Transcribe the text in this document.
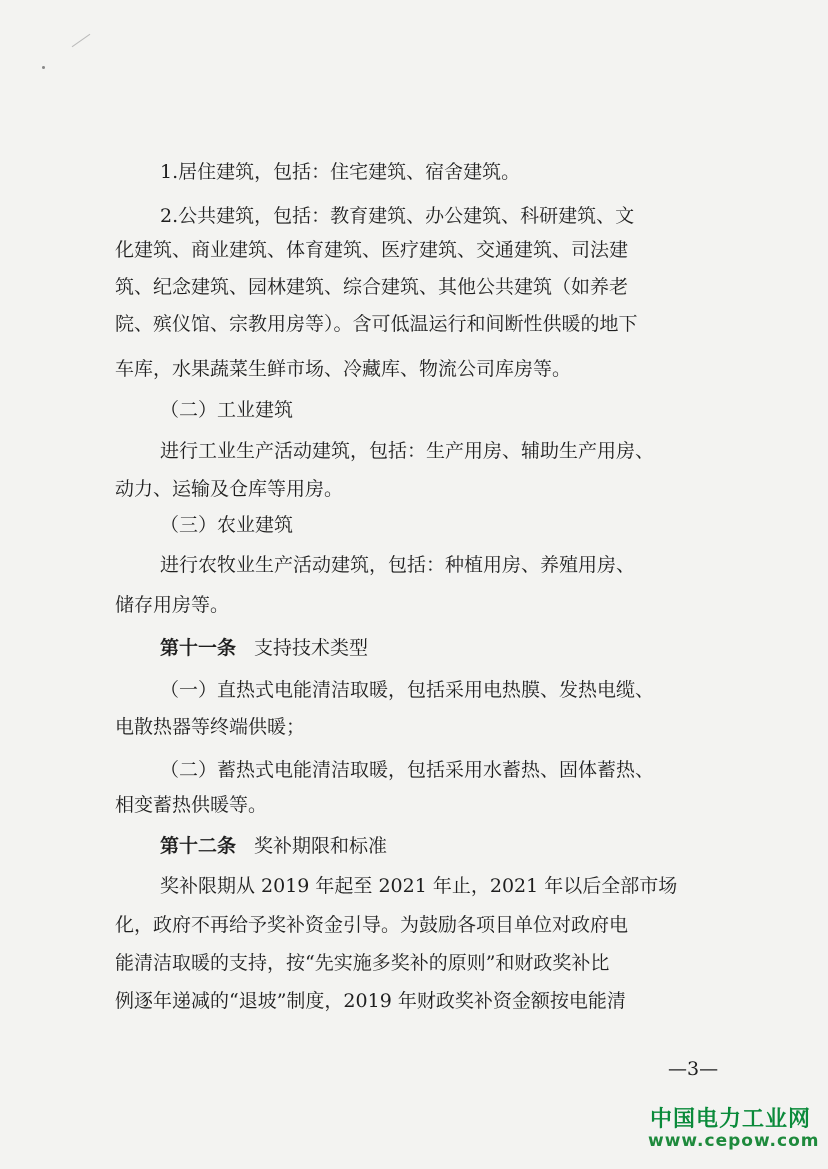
1.居住建筑，包括：住宅建筑、宿舍建筑。
2.公共建筑，包括：教育建筑、办公建筑、科研建筑、文
化建筑、商业建筑、体育建筑、医疗建筑、交通建筑、司法建
筑、纪念建筑、园林建筑、综合建筑、其他公共建筑（如养老
院、殡仪馆、宗教用房等）。含可低温运行和间断性供暖的地下
车库，水果蔬菜生鲜市场、冷藏库、物流公司库房等。
（二）工业建筑
进行工业生产活动建筑，包括：生产用房、辅助生产用房、
动力、运输及仓库等用房。
（三）农业建筑
进行农牧业生产活动建筑，包括：种植用房、养殖用房、
储存用房等。
第十一条 支持技术类型
（一）直热式电能清洁取暖，包括采用电热膜、发热电缆、
电散热器等终端供暖；
（二）蓄热式电能清洁取暖，包括采用水蓄热、固体蓄热、
相变蓄热供暖等。
第十二条 奖补期限和标准
奖补限期从 2019 年起至 2021 年止，2021 年以后全部市场
化，政府不再给予奖补资金引导。为鼓励各项目单位对政府电
能清洁取暖的支持，按“先实施多奖补的原则”和财政奖补比
例逐年递减的“退坡”制度，2019 年财政奖补资金额按电能清
—3—
中国电力工业网
www.cepow.com
